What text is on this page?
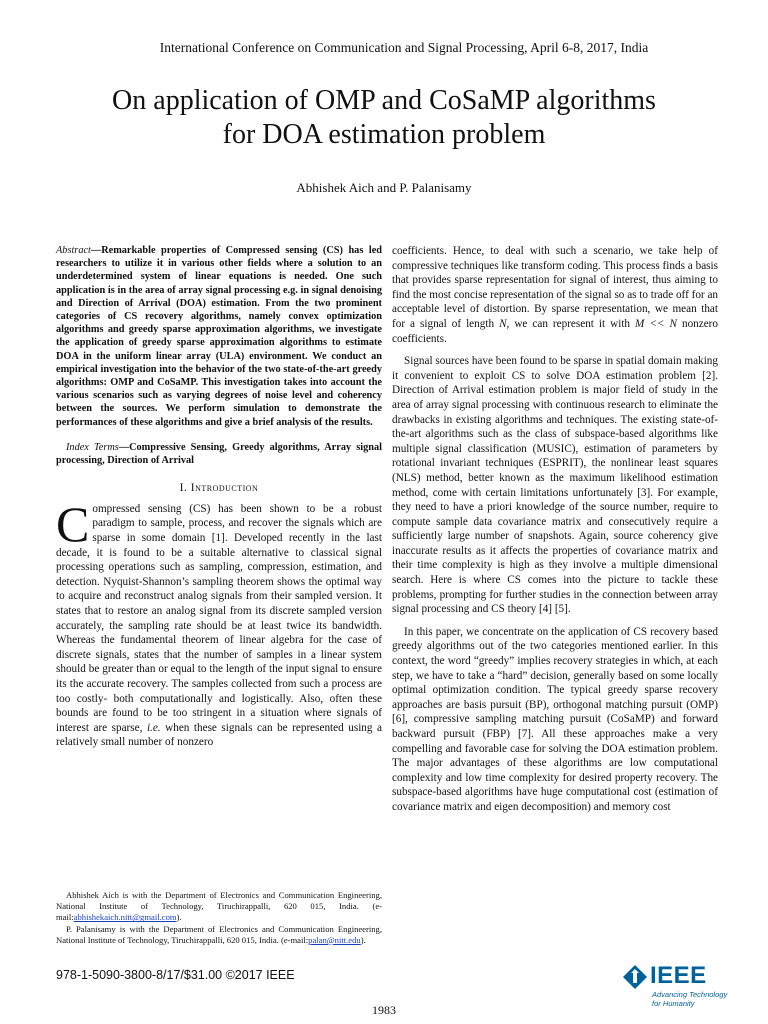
International Conference on Communication and Signal Processing, April 6-8, 2017, India
On application of OMP and CoSaMP algorithms
for DOA estimation problem
Abhishek Aich and P. Palanisamy

Abstract—Remarkable properties of Compressed sensing (CS) has led researchers to utilize it in various other fields where a solution to an underdetermined system of linear equations is needed. One such application is in the area of array signal processing e.g. in signal denoising and Direction of Arrival (DOA) estimation. From the two prominent categories of CS recovery algorithms, namely convex optimization algorithms and greedy sparse approximation algorithms, we investigate the application of greedy sparse approximation algorithms to estimate DOA in the uniform linear array (ULA) environment. We conduct an empirical investigation into the behavior of the two state-of-the-art greedy algorithms: OMP and CoSaMP. This investigation takes into account the various scenarios such as varying degrees of noise level and coherency between the sources. We perform simulation to demonstrate the performances of these algorithms and give a brief analysis of the results.

Index Terms—Compressive Sensing, Greedy algorithms, Array signal processing, Direction of Arrival

I. Introduction

Compressed sensing (CS) has been shown to be a robust paradigm to sample, process, and recover the signals which are sparse in some domain [1]. Developed recently in the last decade, it is found to be a suitable alternative to classical signal processing operations such as sampling, compression, estimation, and detection. Nyquist-Shannon’s sampling theorem shows the optimal way to acquire and reconstruct analog signals from their sampled version. It states that to restore an analog signal from its discrete sampled version accurately, the sampling rate should be at least twice its bandwidth. Whereas the fundamental theorem of linear algebra for the case of discrete signals, states that the number of samples in a linear system should be greater than or equal to the length of the input signal to ensure its the accurate recovery. The samples collected from such a process are too costly- both computationally and logistically. Also, often these bounds are found to be too stringent in a situation where signals of interest are sparse, i.e. when these signals can be represented using a relatively small number of nonzero

coefficients. Hence, to deal with such a scenario, we take help of compressive techniques like transform coding. This process finds a basis that provides sparse representation for signal of interest, thus aiming to find the most concise representation of the signal so as to trade off for an acceptable level of distortion. By sparse representation, we mean that for a signal of length N, we can represent it with M << N nonzero coefficients.

Signal sources have been found to be sparse in spatial domain making it convenient to exploit CS to solve DOA estimation problem [2]. Direction of Arrival estimation problem is major field of study in the area of array signal processing with continuous research to eliminate the drawbacks in existing algorithms and techniques. The existing state-of-the-art algorithms such as the class of subspace-based algorithms like multiple signal classification (MUSIC), estimation of parameters by rotational invariant techniques (ESPRIT), the nonlinear least squares (NLS) method, better known as the maximum likelihood estimation method, come with certain limitations unfortunately [3]. For example, they need to have a priori knowledge of the source number, require to compute sample data covariance matrix and consecutively require a sufficiently large number of snapshots. Again, source coherency give inaccurate results as it affects the properties of covariance matrix and their time complexity is high as they involve a multiple dimensional search. Here is where CS comes into the picture to tackle these problems, prompting for further studies in the connection between array signal processing and CS theory [4] [5].

In this paper, we concentrate on the application of CS recovery based greedy algorithms out of the two categories mentioned earlier. In this context, the word “greedy” implies recovery strategies in which, at each step, we have to take a “hard” decision, generally based on some locally optimal optimization condition. The typical greedy sparse recovery approaches are basis pursuit (BP), orthogonal matching pursuit (OMP) [6], compressive sampling matching pursuit (CoSaMP) and forward backward pursuit (FBP) [7]. All these approaches make a very compelling and favorable case for solving the DOA estimation problem. The major advantages of these algorithms are low computational complexity and low time complexity for desired property recovery. The subspace-based algorithms have huge computational cost (estimation of covariance matrix and eigen decomposition) and memory cost

Abhishek Aich is with the Department of Electronics and Communication Engineering, National Institute of Technology, Tiruchirappalli, 620 015, India. (e-mail:abhishekaich.nitt@gmail.com).

P. Palanisamy is with the Department of Electronics and Communication Engineering, National Institute of Technology, Tiruchirappalli, 620 015, India. (e-mail:palan@nitt.edu).

978-1-5090-3800-8/17/$31.00 ©2017 IEEE	IEEE
Advancing Technology
for Humanity
1983
